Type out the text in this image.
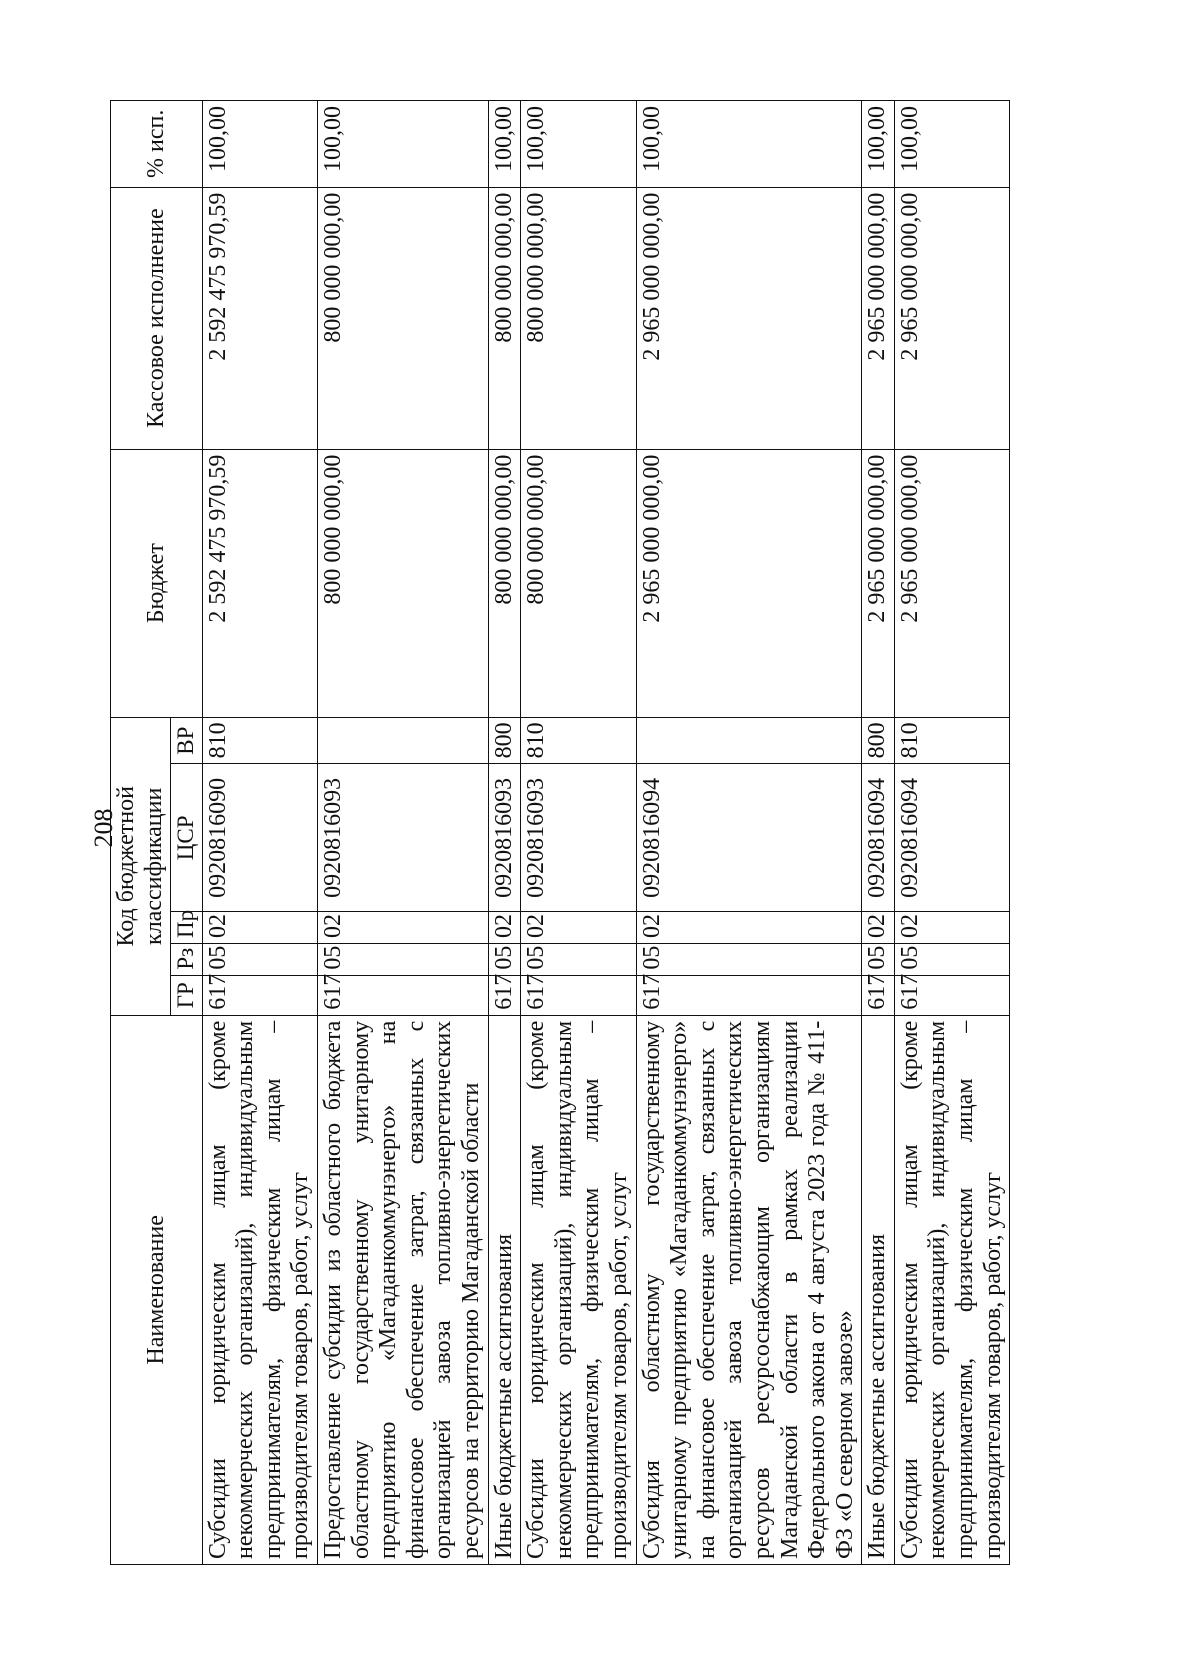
208
Наименование	Код бюджетной классификации					Бюджет	Кассовое исполнение	% исп.
	ГР	Рз	Пр	ЦСР	ВР			
Субсидии юридическим лицам (кроме некоммерческих организаций), индивидуальным предпринимателям, физическим лицам – производителям товаров, работ, услуг	617	05	02	0920816090	810	2 592 475 970,59	2 592 475 970,59	100,00
Предоставление субсидии из областного бюджета областному государственному унитарному предприятию «Магаданкоммунэнерго» на финансовое обеспечение затрат, связанных с организацией завоза топливно-энергетических ресурсов на территорию Магаданской области	617	05	02	0920816093		800 000 000,00	800 000 000,00	100,00
Иные бюджетные ассигнования	617	05	02	0920816093	800	800 000 000,00	800 000 000,00	100,00
Субсидии юридическим лицам (кроме некоммерческих организаций), индивидуальным предпринимателям, физическим лицам – производителям товаров, работ, услуг	617	05	02	0920816093	810	800 000 000,00	800 000 000,00	100,00
Субсидия областному государственному унитарному предприятию «Магаданкоммунэнерго» на финансовое обеспечение затрат, связанных с организацией завоза топливно-энергетических ресурсов ресурсоснабжающим организациям Магаданской области в рамках реализации Федерального закона от 4 августа 2023 года № 411-ФЗ «О северном завозе»	617	05	02	0920816094		2 965 000 000,00	2 965 000 000,00	100,00
Иные бюджетные ассигнования	617	05	02	0920816094	800	2 965 000 000,00	2 965 000 000,00	100,00
Субсидии юридическим лицам (кроме некоммерческих организаций), индивидуальным предпринимателям, физическим лицам – производителям товаров, работ, услуг	617	05	02	0920816094	810	2 965 000 000,00	2 965 000 000,00	100,00
